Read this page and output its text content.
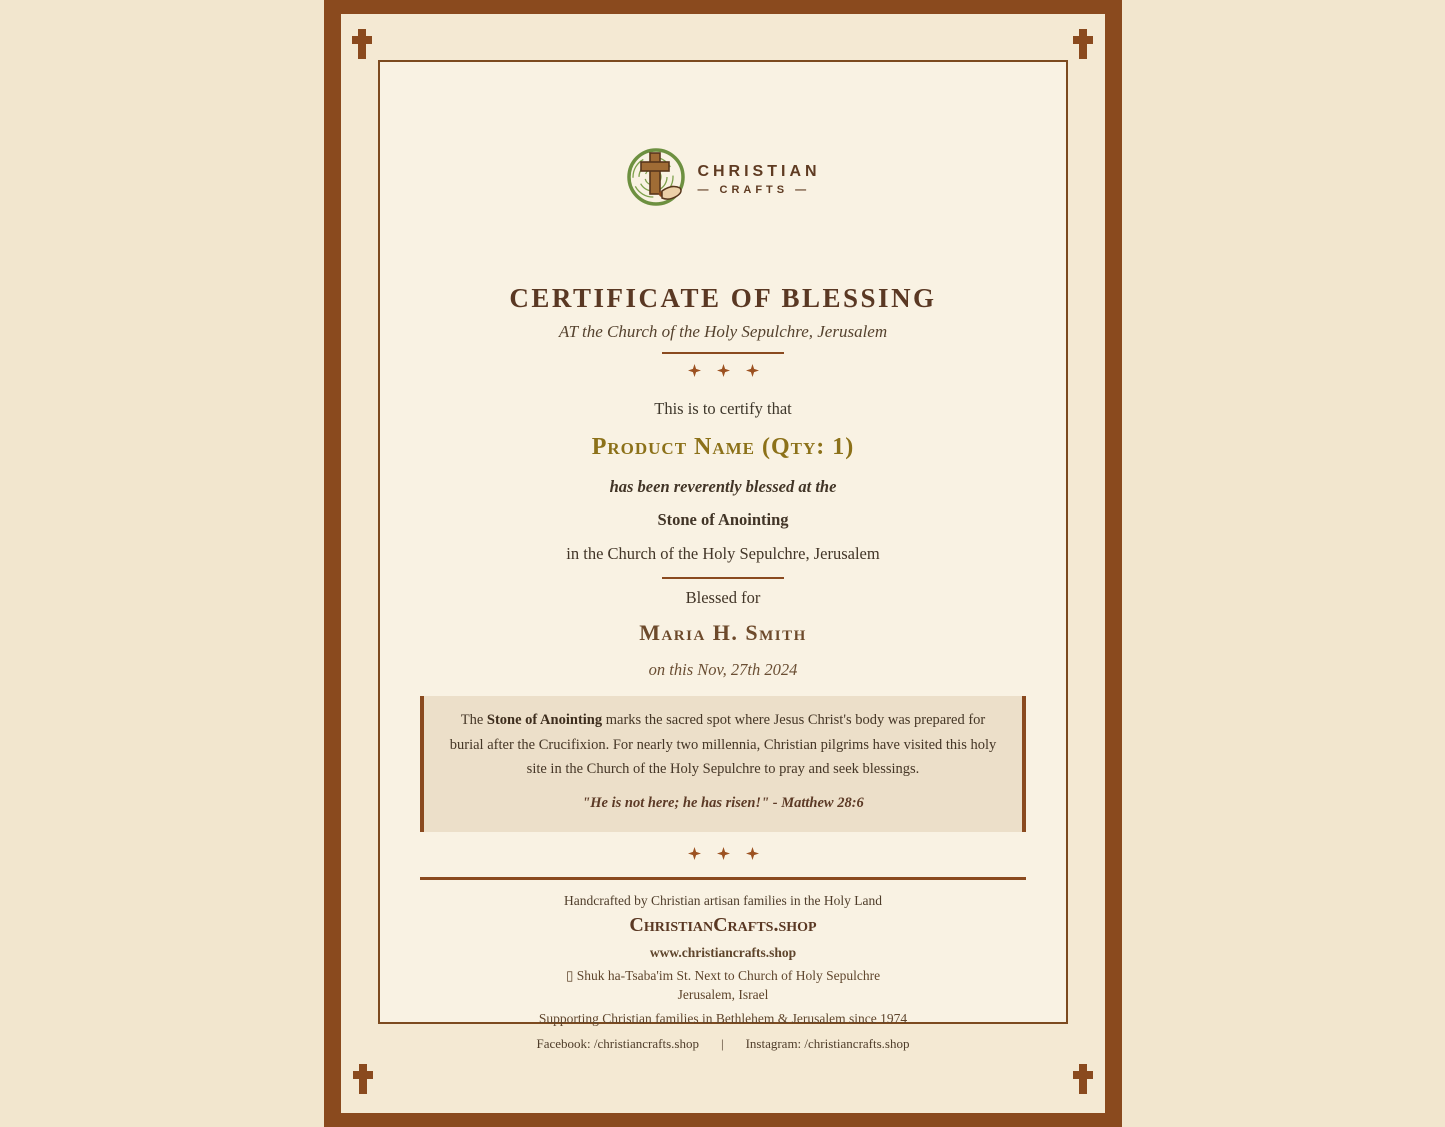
CHRISTIAN
— CRAFTS —
CERTIFICATE OF BLESSING
AT the Church of the Holy Sepulchre, Jerusalem
This is to certify that
Product Name (Qty: 1)
has been reverently blessed at the
Stone of Anointing
in the Church of the Holy Sepulchre, Jerusalem
Blessed for
Maria H. Smith
on this Nov, 27th 2024
The Stone of Anointing marks the sacred spot where Jesus Christ's body was prepared for burial after the Crucifixion. For nearly two millennia, Christian pilgrims have visited this holy site in the Church of the Holy Sepulchre to pray and seek blessings.
"He is not here; he has risen!" - Matthew 28:6
Handcrafted by Christian artisan families in the Holy Land
ChristianCrafts.shop
www.christiancrafts.shop
▯ Shuk ha-Tsaba'im St. Next to Church of Holy Sepulchre
Jerusalem, Israel
Supporting Christian families in Bethlehem & Jerusalem since 1974
Facebook: /christiancrafts.shop | Instagram: /christiancrafts.shop
